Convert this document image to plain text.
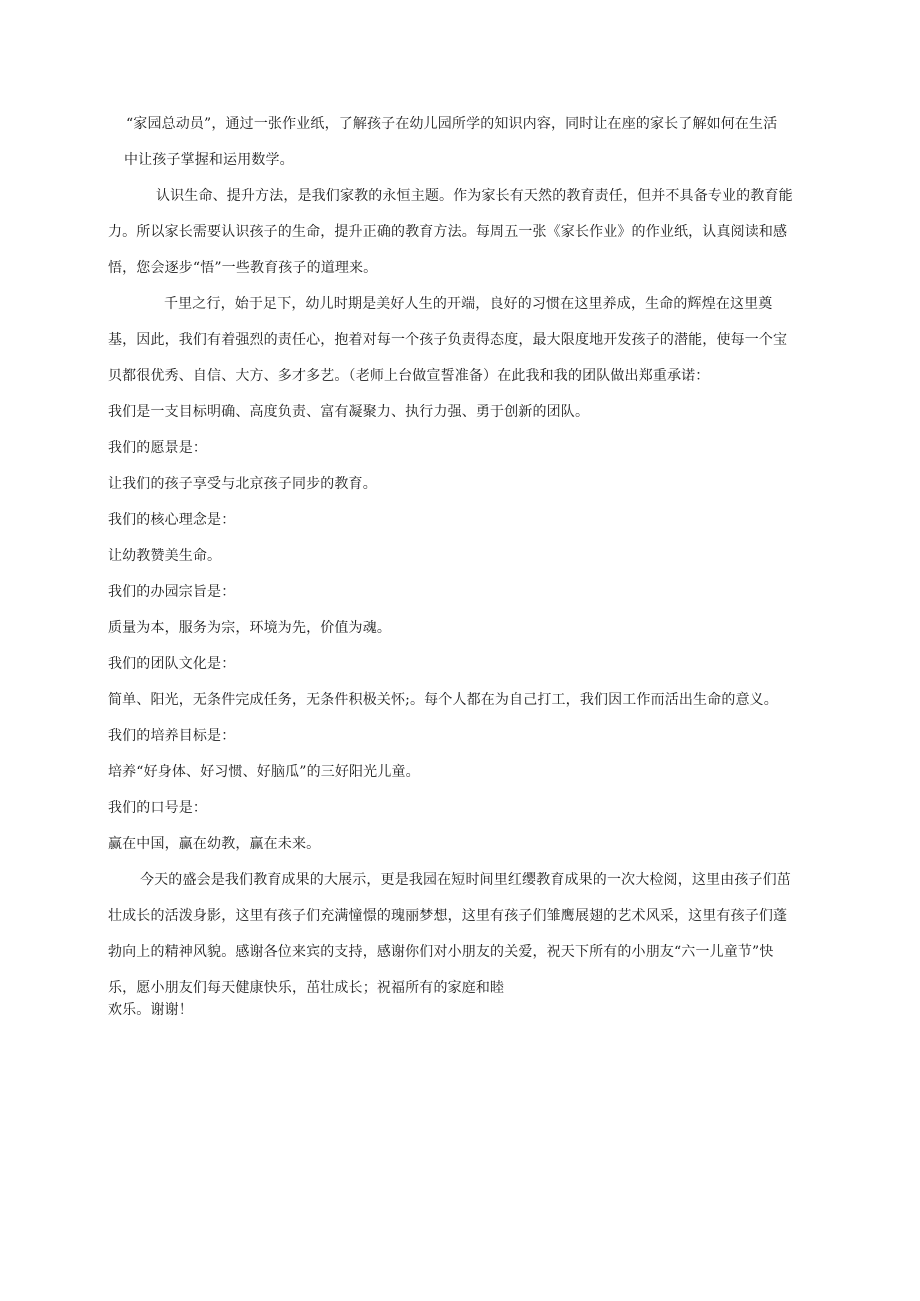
“家园总动员”，通过一张作业纸，了解孩子在幼儿园所学的知识内容，同时让在座的家长了解如何在生活
中让孩子掌握和运用数学。
认识生命、提升方法，是我们家教的永恒主题。作为家长有天然的教育责任，但并不具备专业的教育能
力。所以家长需要认识孩子的生命，提升正确的教育方法。每周五一张《家长作业》的作业纸，认真阅读和感
悟，您会逐步“悟”一些教育孩子的道理来。
千里之行，始于足下，幼儿时期是美好人生的开端，良好的习惯在这里养成，生命的辉煌在这里奠
基，因此，我们有着强烈的责任心，抱着对每一个孩子负责得态度，最大限度地开发孩子的潜能，使每一个宝
贝都很优秀、自信、大方、多才多艺。（老师上台做宣誓准备）在此我和我的团队做出郑重承诺：
我们是一支目标明确、高度负责、富有凝聚力、执行力强、勇于创新的团队。
我们的愿景是：
让我们的孩子享受与北京孩子同步的教育。
我们的核心理念是：
让幼教赞美生命。
我们的办园宗旨是：
质量为本，服务为宗，环境为先，价值为魂。
我们的团队文化是：
简单、阳光，无条件完成任务，无条件积极关怀;。每个人都在为自己打工，我们因工作而活出生命的意义。
我们的培养目标是：
培养“好身体、好习惯、好脑瓜”的三好阳光儿童。
我们的口号是：
赢在中国，赢在幼教，赢在未来。
今天的盛会是我们教育成果的大展示，更是我园在短时间里红缨教育成果的一次大检阅，这里由孩子们茁
壮成长的活泼身影，这里有孩子们充满憧憬的瑰丽梦想，这里有孩子们雏鹰展翅的艺术风采，这里有孩子们蓬
勃向上的精神风貌。感谢各位来宾的支持，感谢你们对小朋友的关爱，祝天下所有的小朋友“六一儿童节”快
乐，愿小朋友们每天健康快乐，茁壮成长；祝福所有的家庭和睦
欢乐。谢谢！
